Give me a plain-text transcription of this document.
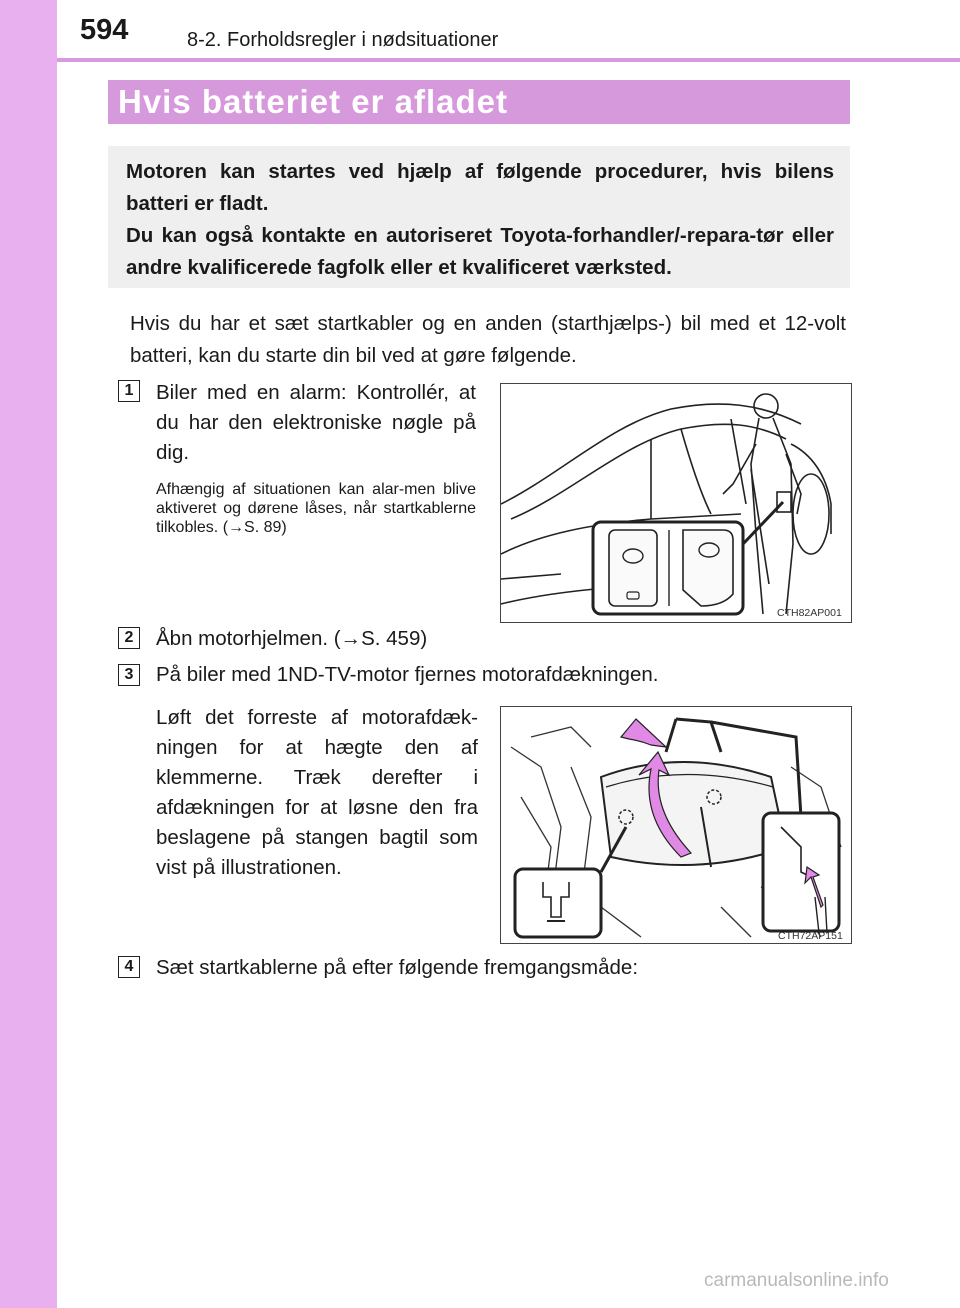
594	8-2. Forholdsregler i nødsituationer
Hvis batteriet er afladet

Motoren kan startes ved hjælp af følgende procedurer, hvis bilens batteri er fladt.

Du kan også kontakte en autoriseret Toyota-forhandler/-repara-tør eller andre kvalificerede fagfolk eller et kvalificeret værksted.

Hvis du har et sæt startkabler og en anden (starthjælps-) bil med et 12-volt batteri, kan du starte din bil ved at gøre følgende.

1	Biler med en alarm: Kontrollér, at du har den elektroniske nøgle på dig.

Afhængig af situationen kan alar-men blive aktiveret og dørene låses, når startkablerne tilkobles. (→S. 89)

CTH82AP001
2	Åbn motorhjelmen. (→S. 459)

3	På biler med 1ND-TV-motor fjernes motorafdækningen.

Løft det forreste af motorafdæk-ningen for at hægte den af klemmerne. Træk derefter i afdækningen for at løsne den fra beslagene på stangen bagtil som vist på illustrationen.

CTH72AP151
4	Sæt startkablerne på efter følgende fremgangsmåde:

carmanualsonline.info
